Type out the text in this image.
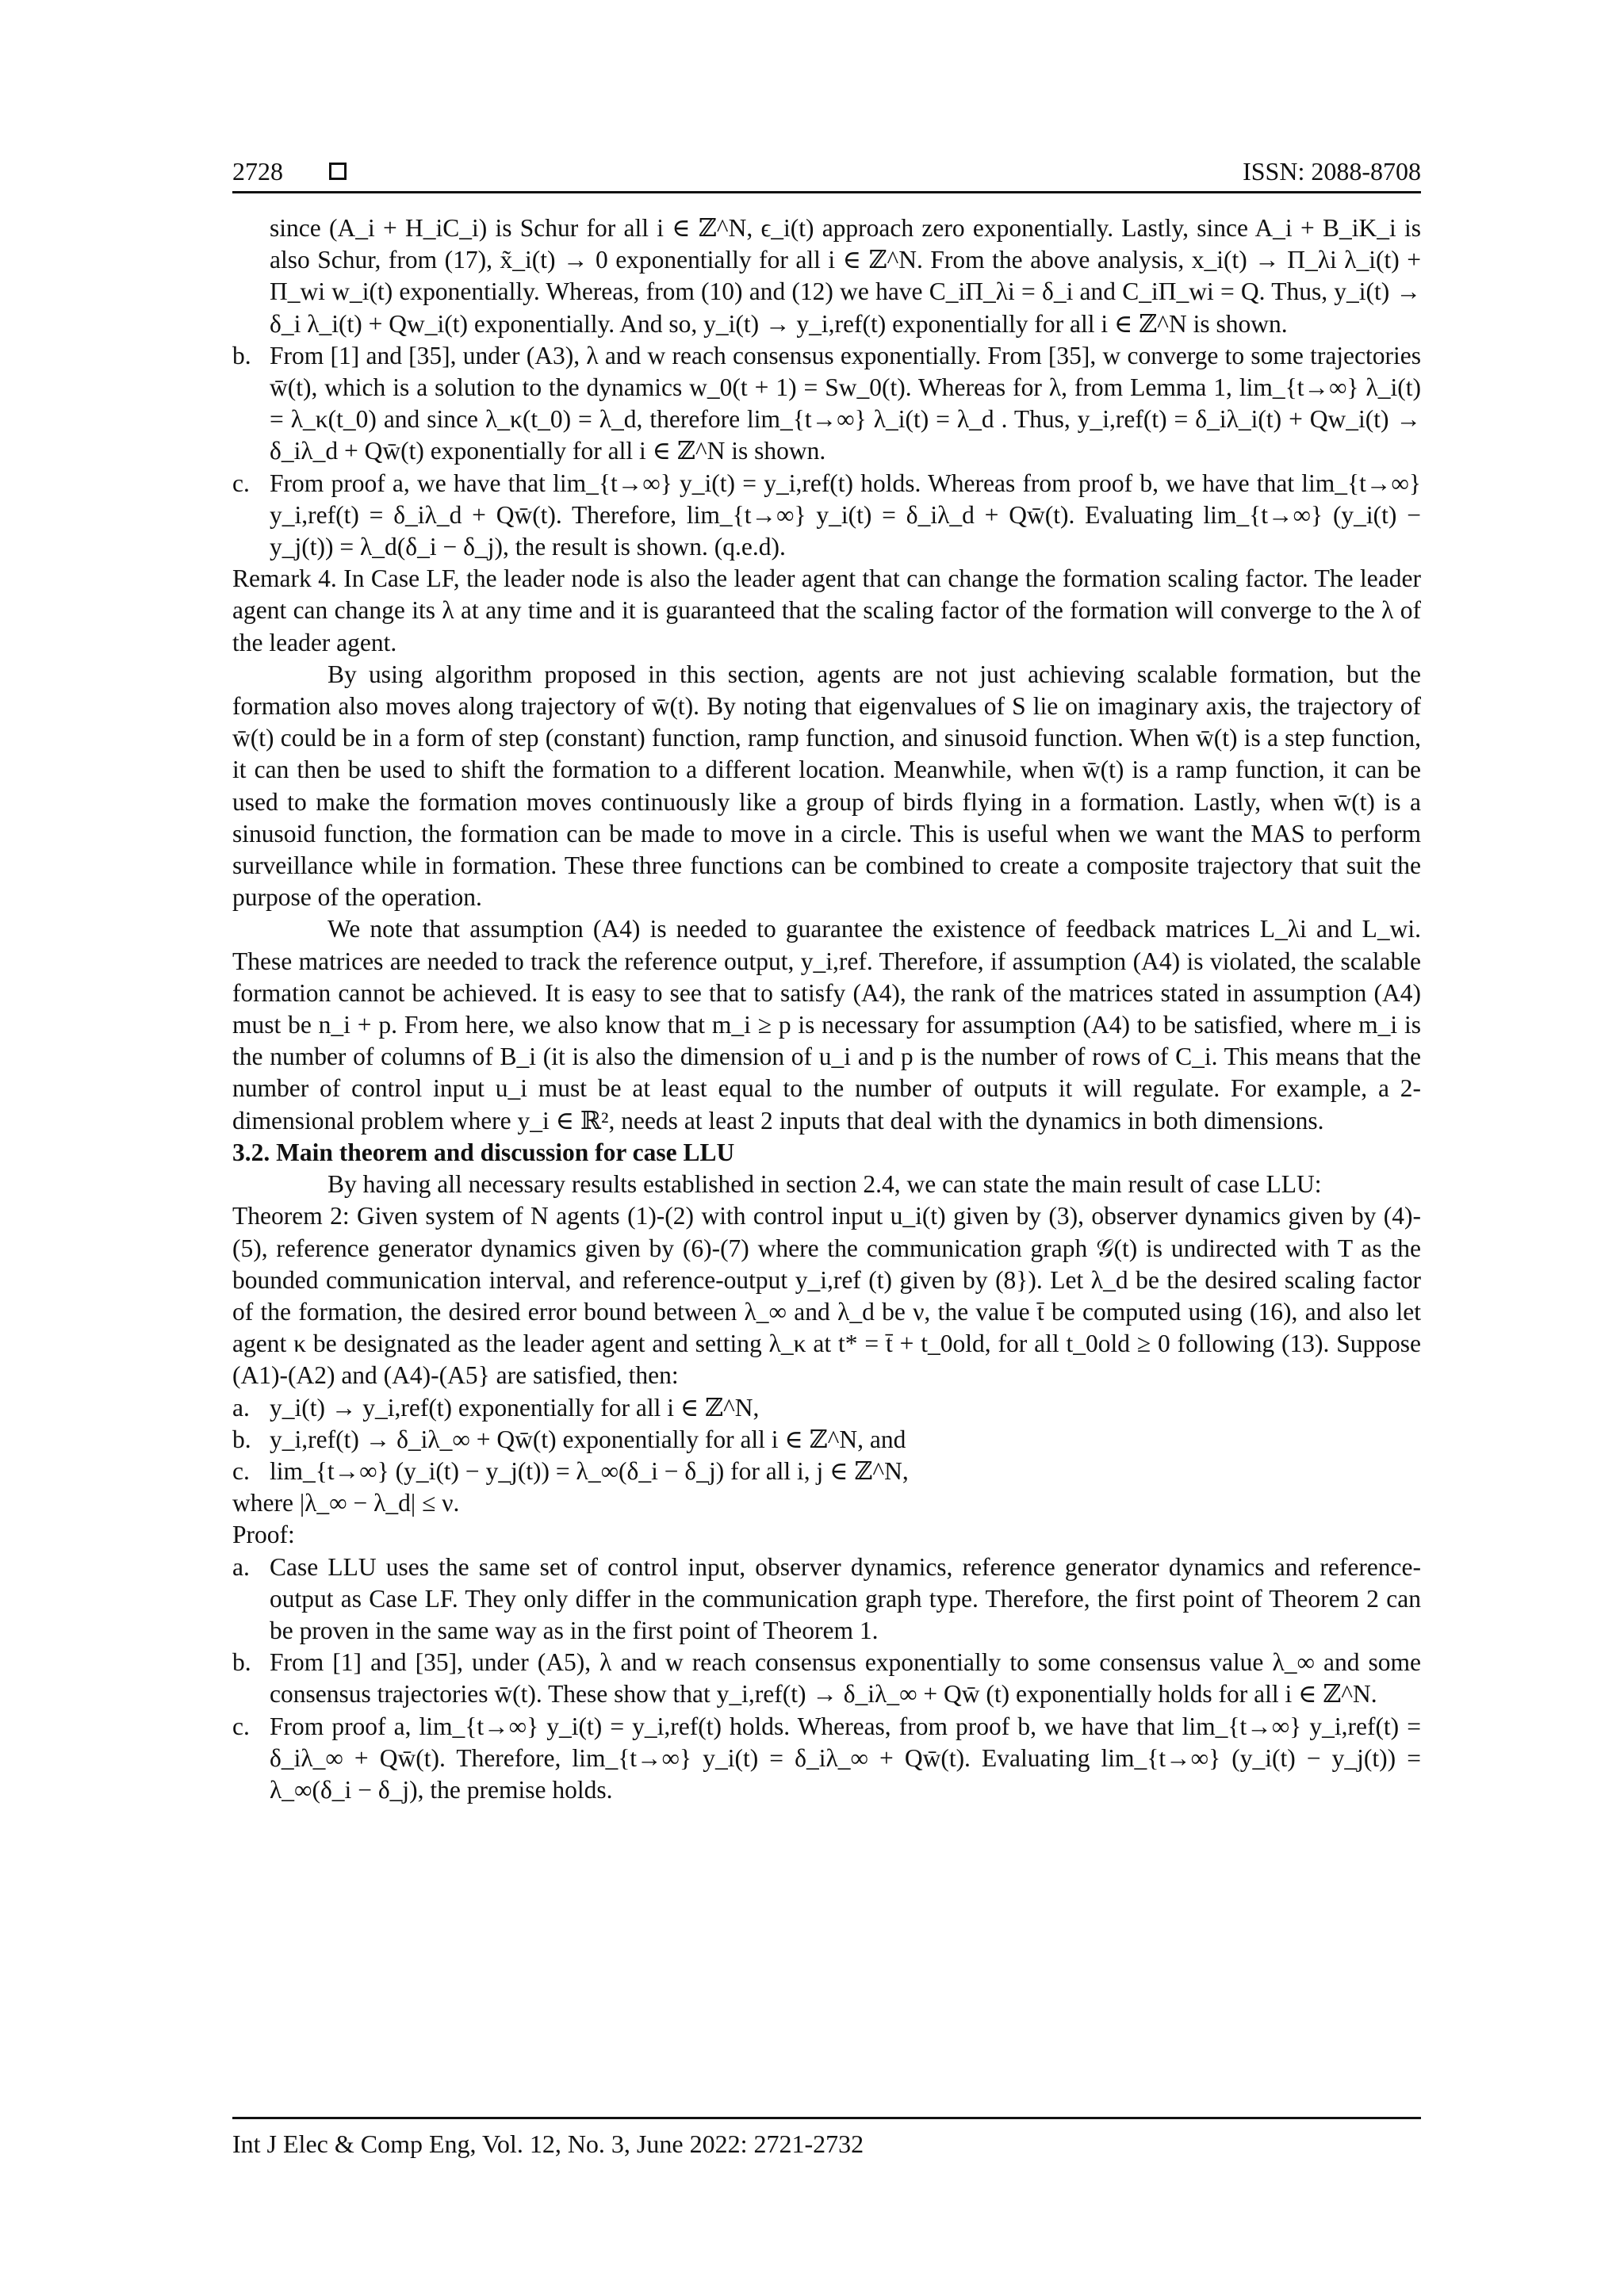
2728	ISSN: 2088-8708
since (A_i + H_iC_i) is Schur for all i ∈ ℤ^N, ϵ_i(t) approach zero exponentially. Lastly, since A_i + B_iK_i is also Schur, from (17), x̃_i(t) → 0 exponentially for all i ∈ ℤ^N. From the above analysis, x_i(t) → Π_λi λ_i(t) + Π_wi w_i(t) exponentially. Whereas, from (10) and (12) we have C_iΠ_λi = δ_i and C_iΠ_wi = Q. Thus, y_i(t) → δ_i λ_i(t) + Qw_i(t) exponentially. And so, y_i(t) → y_i,ref(t) exponentially for all i ∈ ℤ^N is shown.
b. From [1] and [35], under (A3), λ and w reach consensus exponentially. From [35], w converge to some trajectories w̄(t), which is a solution to the dynamics w_0(t + 1) = Sw_0(t). Whereas for λ, from Lemma 1, lim_{t→∞} λ_i(t) = λ_κ(t_0) and since λ_κ(t_0) = λ_d, therefore lim_{t→∞} λ_i(t) = λ_d . Thus, y_i,ref(t) = δ_iλ_i(t) + Qw_i(t) → δ_iλ_d + Qw̄(t) exponentially for all i ∈ ℤ^N is shown.
c. From proof a, we have that lim_{t→∞} y_i(t) = y_i,ref(t) holds. Whereas from proof b, we have that lim_{t→∞} y_i,ref(t) = δ_iλ_d + Qw̄(t). Therefore, lim_{t→∞} y_i(t) = δ_iλ_d + Qw̄(t). Evaluating lim_{t→∞} (y_i(t) − y_j(t)) = λ_d(δ_i − δ_j), the result is shown. (q.e.d).

Remark 4. In Case LF, the leader node is also the leader agent that can change the formation scaling factor. The leader agent can change its λ at any time and it is guaranteed that the scaling factor of the formation will converge to the λ of the leader agent.

By using algorithm proposed in this section, agents are not just achieving scalable formation, but the formation also moves along trajectory of w̄(t). By noting that eigenvalues of S lie on imaginary axis, the trajectory of w̄(t) could be in a form of step (constant) function, ramp function, and sinusoid function. When w̄(t) is a step function, it can then be used to shift the formation to a different location. Meanwhile, when w̄(t) is a ramp function, it can be used to make the formation moves continuously like a group of birds flying in a formation. Lastly, when w̄(t) is a sinusoid function, the formation can be made to move in a circle. This is useful when we want the MAS to perform surveillance while in formation. These three functions can be combined to create a composite trajectory that suit the purpose of the operation.

We note that assumption (A4) is needed to guarantee the existence of feedback matrices L_λi and L_wi. These matrices are needed to track the reference output, y_i,ref. Therefore, if assumption (A4) is violated, the scalable formation cannot be achieved. It is easy to see that to satisfy (A4), the rank of the matrices stated in assumption (A4) must be n_i + p. From here, we also know that m_i ≥ p is necessary for assumption (A4) to be satisfied, where m_i is the number of columns of B_i (it is also the dimension of u_i and p is the number of rows of C_i. This means that the number of control input u_i must be at least equal to the number of outputs it will regulate. For example, a 2-dimensional problem where y_i ∈ ℝ², needs at least 2 inputs that deal with the dynamics in both dimensions.

3.2. Main theorem and discussion for case LLU

By having all necessary results established in section 2.4, we can state the main result of case LLU:

Theorem 2: Given system of N agents (1)-(2) with control input u_i(t) given by (3), observer dynamics given by (4)-(5), reference generator dynamics given by (6)-(7) where the communication graph 𝒢(t) is undirected with T as the bounded communication interval, and reference-output y_i,ref (t) given by (8}). Let λ_d be the desired scaling factor of the formation, the desired error bound between λ_∞ and λ_d be ν, the value t̄ be computed using (16), and also let agent κ be designated as the leader agent and setting λ_κ at t* = t̄ + t_0old, for all t_0old ≥ 0 following (13). Suppose (A1)-(A2) and (A4)-(A5} are satisfied, then:

a. y_i(t) → y_i,ref(t) exponentially for all i ∈ ℤ^N,
b. y_i,ref(t) → δ_iλ_∞ + Qw̄(t) exponentially for all i ∈ ℤ^N, and
c. lim_{t→∞} (y_i(t) − y_j(t)) = λ_∞(δ_i − δ_j) for all i, j ∈ ℤ^N,

where |λ_∞ − λ_d| ≤ ν.

Proof:

a. Case LLU uses the same set of control input, observer dynamics, reference generator dynamics and reference-output as Case LF. They only differ in the communication graph type. Therefore, the first point of Theorem 2 can be proven in the same way as in the first point of Theorem 1.
b. From [1] and [35], under (A5), λ and w reach consensus exponentially to some consensus value λ_∞ and some consensus trajectories w̄(t). These show that y_i,ref(t) → δ_iλ_∞ + Qw̄ (t) exponentially holds for all i ∈ ℤ^N.
c. From proof a, lim_{t→∞} y_i(t) = y_i,ref(t) holds. Whereas, from proof b, we have that lim_{t→∞} y_i,ref(t) = δ_iλ_∞ + Qw̄(t). Therefore, lim_{t→∞} y_i(t) = δ_iλ_∞ + Qw̄(t). Evaluating lim_{t→∞} (y_i(t) − y_j(t)) = λ_∞(δ_i − δ_j), the premise holds.
Int J Elec & Comp Eng, Vol. 12, No. 3, June 2022: 2721-2732
